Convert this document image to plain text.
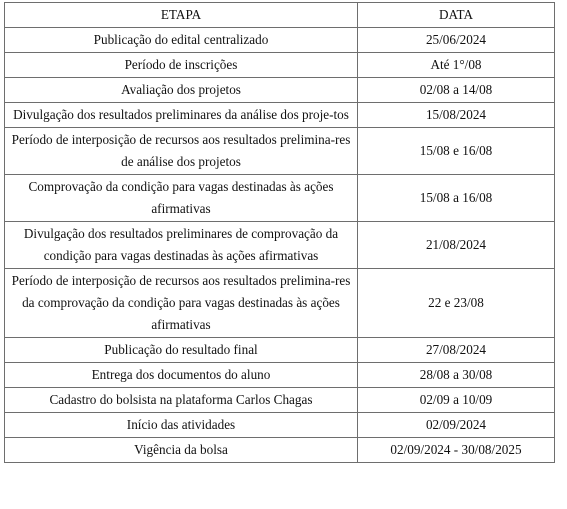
ETAPA	DATA
Publicação do edital centralizado	25/06/2024
Período de inscrições	Até 1°/08
Avaliação dos projetos	02/08 a 14/08
Divulgação dos resultados preliminares da análise dos proje-tos	15/08/2024
Período de interposição de recursos aos resultados prelimina-res de análise dos projetos	15/08 e 16/08
Comprovação da condição para vagas destinadas às ações afirmativas	15/08 a 16/08
Divulgação dos resultados preliminares de comprovação da condição para vagas destinadas às ações afirmativas	21/08/2024
Período de interposição de recursos aos resultados prelimina-res da comprovação da condição para vagas destinadas às ações afirmativas	22 e 23/08
Publicação do resultado final	27/08/2024
Entrega dos documentos do aluno	28/08 a 30/08
Cadastro do bolsista na plataforma Carlos Chagas	02/09 a 10/09
Início das atividades	02/09/2024
Vigência da bolsa	02/09/2024 - 30/08/2025
